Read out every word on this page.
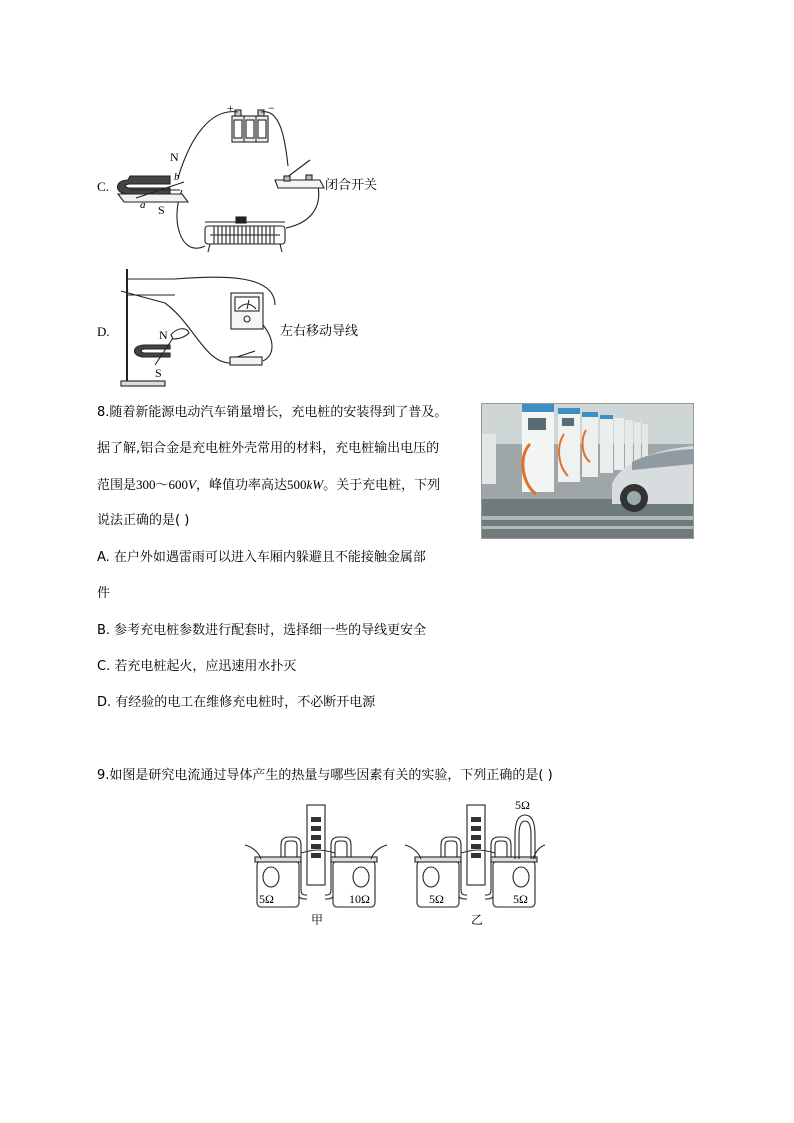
C.
+	−
N
S
a
b
闭合开关
D.	N
S
左右移动导线
8.随着新能源电动汽车销量增长，充电桩的安装得到了普及。
据了解,铝合金是充电桩外壳常用的材料，充电桩输出电压的
范围是300～600V，峰值功率高达500kW。关于充电桩，下列
说法正确的是( )
A. 在户外如遇雷雨可以进入车厢内躲避且不能接触金属部
件
B. 参考充电桩参数进行配套时，选择细一些的导线更安全
C. 若充电桩起火，应迅速用水扑灭
D. 有经验的电工在维修充电桩时，不必断开电源
9.如图是研究电流通过导体产生的热量与哪些因素有关的实验，下列正确的是( )
5Ω	10Ω	5Ω	5Ω
5Ω
甲	乙
